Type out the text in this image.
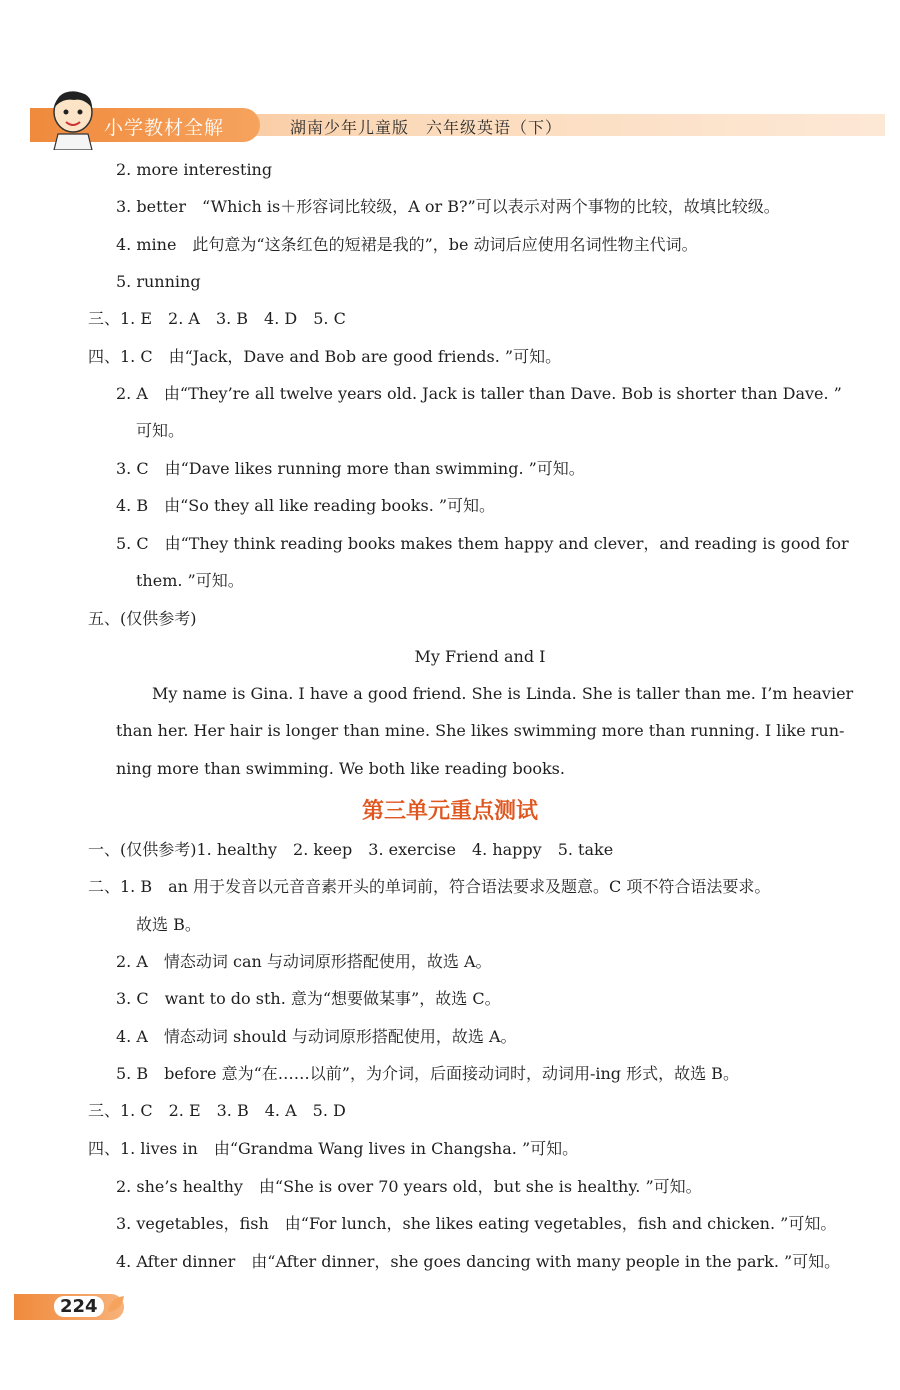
小学教材全解	湖南少年儿童版　六年级英语（下）
2. more interesting
3. better　“Which is＋形容词比较级，A or B?”可以表示对两个事物的比较，故填比较级。
4. mine　此句意为“这条红色的短裙是我的”，be 动词后应使用名词性物主代词。
5. running
三、1. E　2. A　3. B　4. D　5. C
四、1. C　由“Jack，Dave and Bob are good friends. ”可知。
2. A　由“They’re all twelve years old. Jack is taller than Dave. Bob is shorter than Dave. ”
可知。
3. C　由“Dave likes running more than swimming. ”可知。
4. B　由“So they all like reading books. ”可知。
5. C　由“They think reading books makes them happy and clever，and reading is good for
them. ”可知。
五、(仅供参考)
My Friend and I
My name is Gina. I have a good friend. She is Linda. She is taller than me. I’m heavier
than her. Her hair is longer than mine. She likes swimming more than running. I like run-
ning more than swimming. We both like reading books.
第三单元重点测试
一、(仅供参考)1. healthy　2. keep　3. exercise　4. happy　5. take
二、1. B　an 用于发音以元音音素开头的单词前，符合语法要求及题意。C 项不符合语法要求。
故选 B。
2. A　情态动词 can 与动词原形搭配使用，故选 A。
3. C　want to do sth. 意为“想要做某事”，故选 C。
4. A　情态动词 should 与动词原形搭配使用，故选 A。
5. B　before 意为“在……以前”，为介词，后面接动词时，动词用-ing 形式，故选 B。
三、1. C　2. E　3. B　4. A　5. D
四、1. lives in　由“Grandma Wang lives in Changsha. ”可知。
2. she’s healthy　由“She is over 70 years old，but she is healthy. ”可知。
3. vegetables，fish　由“For lunch，she likes eating vegetables，fish and chicken. ”可知。
4. After dinner　由“After dinner，she goes dancing with many people in the park. ”可知。
224
